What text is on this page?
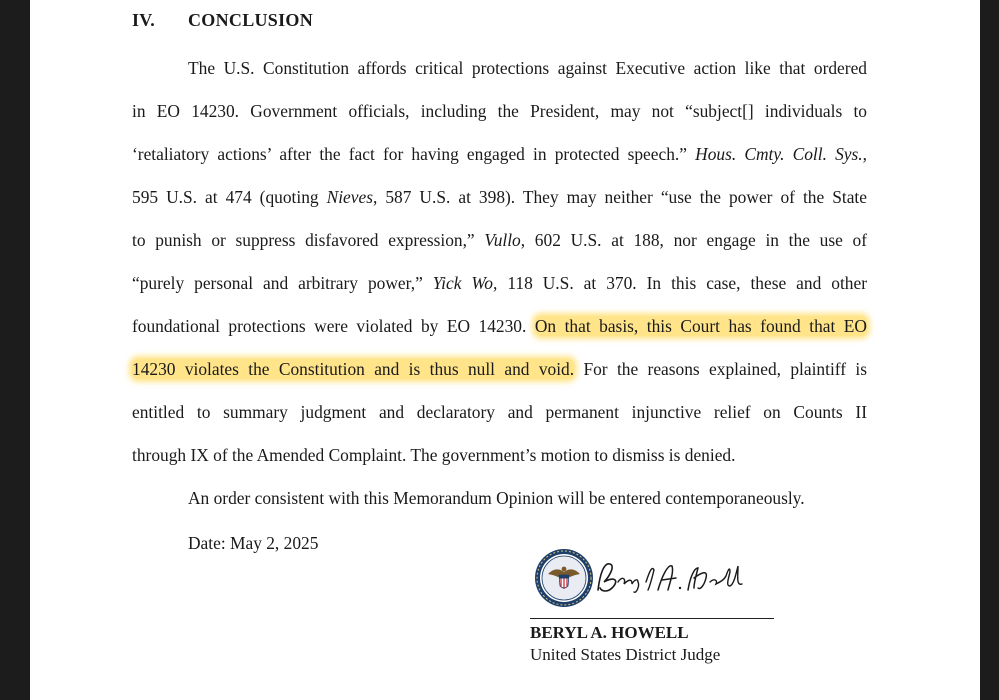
IV. CONCLUSION
The U.S. Constitution affords critical protections against Executive action like that ordered
in EO 14230. Government officials, including the President, may not “subject[] individuals to
‘retaliatory actions’ after the fact for having engaged in protected speech.” Hous. Cmty. Coll. Sys.,
595 U.S. at 474 (quoting Nieves, 587 U.S. at 398). They may neither “use the power of the State
to punish or suppress disfavored expression,” Vullo, 602 U.S. at 188, nor engage in the use of
“purely personal and arbitrary power,” Yick Wo, 118 U.S. at 370. In this case, these and other
foundational protections were violated by EO 14230. On that basis, this Court has found that EO
14230 violates the Constitution and is thus null and void. For the reasons explained, plaintiff is
entitled to summary judgment and declaratory and permanent injunctive relief on Counts II
through IX of the Amended Complaint. The government’s motion to dismiss is denied.
An order consistent with this Memorandum Opinion will be entered contemporaneously.
Date: May 2, 2025
BERYL A. HOWELL
United States District Judge
